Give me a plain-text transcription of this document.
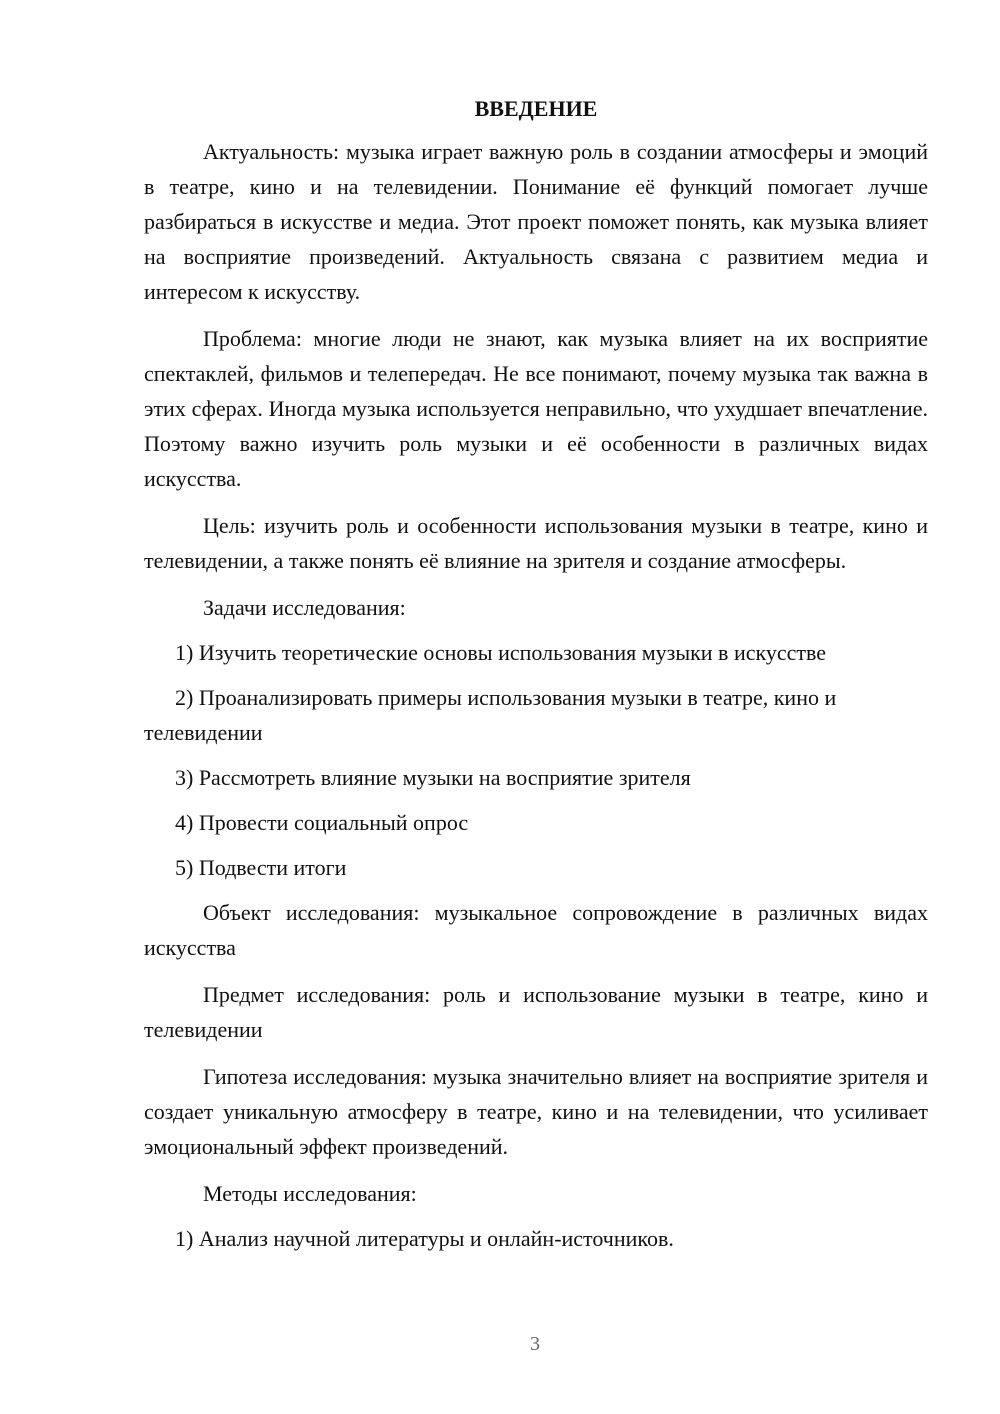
ВВЕДЕНИЕ

Актуальность: музыка играет важную роль в создании атмосферы и эмоций в театре, кино и на телевидении. Понимание её функций помогает лучше разбираться в искусстве и медиа. Этот проект поможет понять, как музыка влияет на восприятие произведений. Актуальность связана с развитием медиа и интересом к искусству.

Проблема: многие люди не знают, как музыка влияет на их восприятие спектаклей, фильмов и телепередач. Не все понимают, почему музыка так важна в этих сферах. Иногда музыка используется неправильно, что ухудшает впечатление. Поэтому важно изучить роль музыки и её особенности в различных видах искусства.

Цель: изучить роль и особенности использования музыки в театре, кино и телевидении, а также понять её влияние на зрителя и создание атмосферы.

Задачи исследования:

1) Изучить теоретические основы использования музыки в искусстве

2) Проанализировать примеры использования музыки в театре, кино и телевидении

3) Рассмотреть влияние музыки на восприятие зрителя

4) Провести социальный опрос

5) Подвести итоги

Объект исследования: музыкальное сопровождение в различных видах искусства

Предмет исследования: роль и использование музыки в театре, кино и телевидении

Гипотеза исследования: музыка значительно влияет на восприятие зрителя и создает уникальную атмосферу в театре, кино и на телевидении, что усиливает эмоциональный эффект произведений.

Методы исследования:

1) Анализ научной литературы и онлайн-источников.

3
